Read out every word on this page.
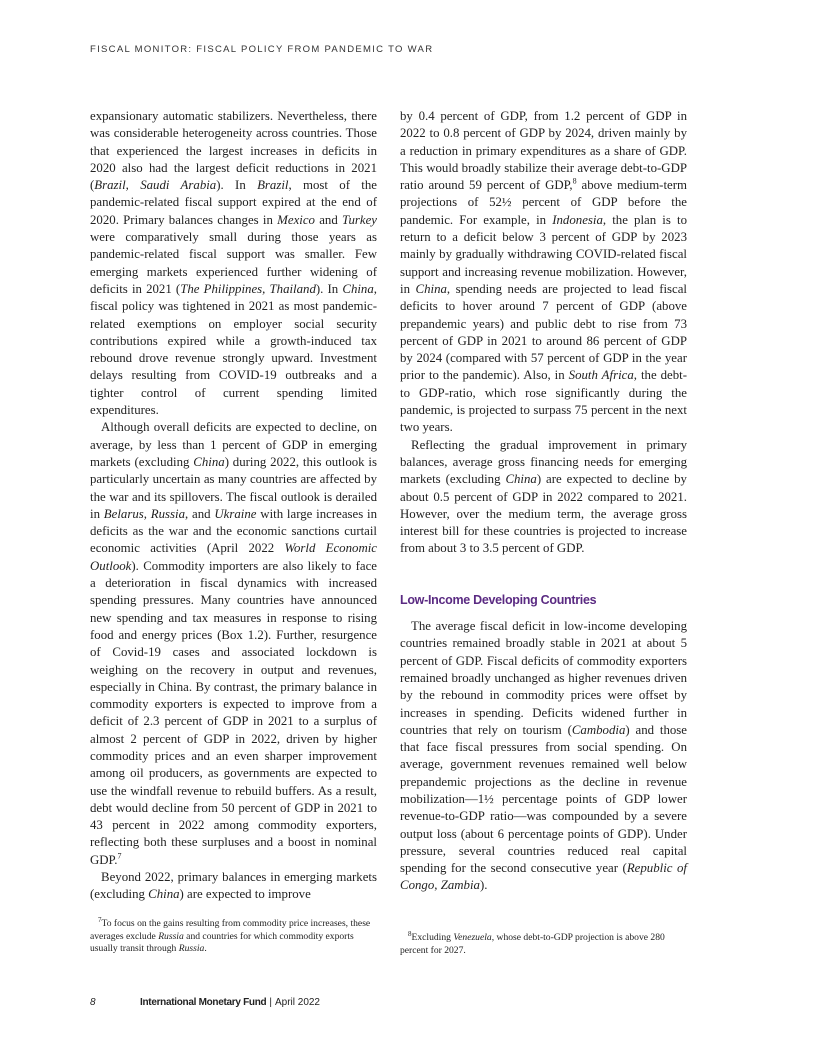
FISCAL MONITOR: FISCAL POLICY FROM PANDEMIC TO WAR

expansionary automatic stabilizers. Nevertheless, there was considerable heterogeneity across countries. Those that experienced the largest increases in deficits in 2020 also had the largest deficit reductions in 2021 (Brazil, Saudi Arabia). In Brazil, most of the pandemic-related fiscal support expired at the end of 2020. Primary balances changes in Mexico and Turkey were comparatively small during those years as pandemic-related fiscal support was smaller. Few emerging markets experienced further widening of deficits in 2021 (The Philippines, Thailand). In China, fiscal policy was tightened in 2021 as most pandemic-related exemptions on employer social security contributions expired while a growth-induced tax rebound drove revenue strongly upward. Investment delays resulting from COVID-19 outbreaks and a tighter control of current spending limited expenditures.

Although overall deficits are expected to decline, on average, by less than 1 percent of GDP in emerging markets (excluding China) during 2022, this outlook is particularly uncertain as many countries are affected by the war and its spillovers. The fiscal outlook is derailed in Belarus, Russia, and Ukraine with large increases in deficits as the war and the economic sanctions curtail economic activities (April 2022 World Economic Outlook). Commodity importers are also likely to face a deterioration in fiscal dynamics with increased spending pressures. Many countries have announced new spending and tax measures in response to rising food and energy prices (Box 1.2). Further, resurgence of Covid-19 cases and associated lockdown is weighing on the recovery in output and revenues, especially in China. By contrast, the primary balance in commodity exporters is expected to improve from a deficit of 2.3 percent of GDP in 2021 to a surplus of almost 2 percent of GDP in 2022, driven by higher commodity prices and an even sharper improvement among oil producers, as governments are expected to use the windfall revenue to rebuild buffers. As a result, debt would decline from 50 percent of GDP in 2021 to 43 percent in 2022 among commodity exporters, reflecting both these surpluses and a boost in nominal GDP.$^7$

Beyond 2022, primary balances in emerging markets (excluding China) are expected to improve

by 0.4 percent of GDP, from 1.2 percent of GDP in 2022 to 0.8 percent of GDP by 2024, driven mainly by a reduction in primary expenditures as a share of GDP. This would broadly stabilize their average debt-to-GDP ratio around 59 percent of GDP,$^8$ above medium-term projections of 52½ percent of GDP before the pandemic. For example, in Indonesia, the plan is to return to a deficit below 3 percent of GDP by 2023 mainly by gradually withdrawing COVID-related fiscal support and increasing revenue mobilization. However, in China, spending needs are projected to lead fiscal deficits to hover around 7 percent of GDP (above prepandemic years) and public debt to rise from 73 percent of GDP in 2021 to around 86 percent of GDP by 2024 (compared with 57 percent of GDP in the year prior to the pandemic). Also, in South Africa, the debt-to GDP-ratio, which rose significantly during the pandemic, is projected to surpass 75 percent in the next two years.

Reflecting the gradual improvement in primary balances, average gross financing needs for emerging markets (excluding China) are expected to decline by about 0.5 percent of GDP in 2022 compared to 2021. However, over the medium term, the average gross interest bill for these countries is projected to increase from about 3 to 3.5 percent of GDP.

Low-Income Developing Countries

The average fiscal deficit in low-income developing countries remained broadly stable in 2021 at about 5 percent of GDP. Fiscal deficits of commodity exporters remained broadly unchanged as higher revenues driven by the rebound in commodity prices were offset by increases in spending. Deficits widened further in countries that rely on tourism (Cambodia) and those that face fiscal pressures from social spending. On average, government revenues remained well below prepandemic projections as the decline in revenue mobilization—1½ percentage points of GDP lower revenue-to-GDP ratio—was compounded by a severe output loss (about 6 percentage points of GDP). Under pressure, several countries reduced real capital spending for the second consecutive year (Republic of Congo, Zambia).

$^7$To focus on the gains resulting from commodity price increases, these averages exclude Russia and countries for which commodity exports usually transit through Russia.
$^8$Excluding Venezuela, whose debt-to-GDP projection is above 280 percent for 2027.
8	International Monetary Fund | April 2022
